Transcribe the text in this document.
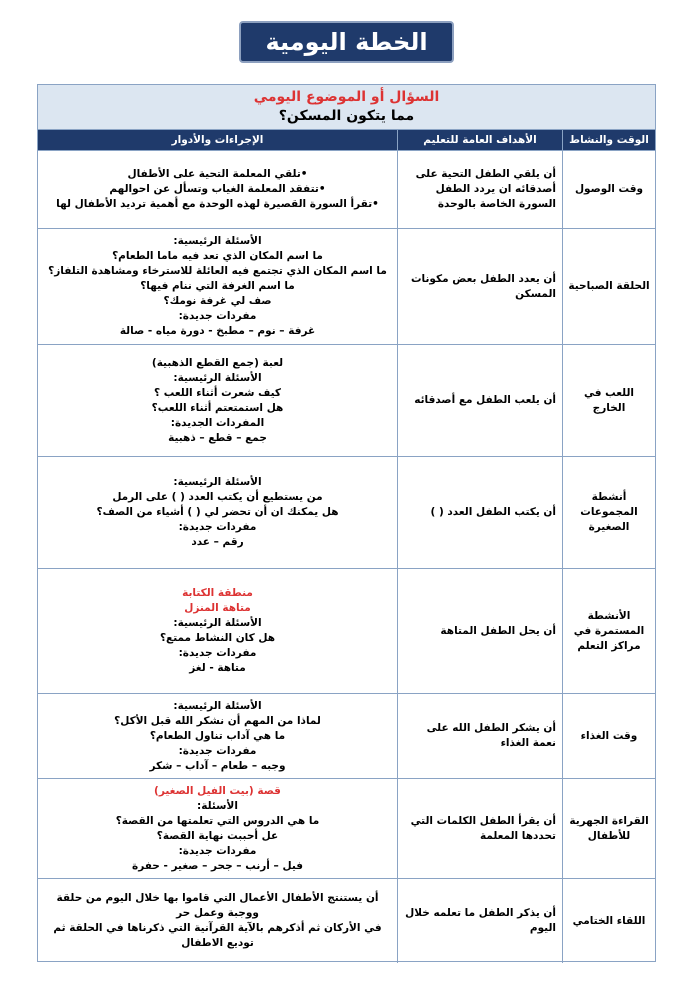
الخطة اليومية
السؤال أو الموضوع اليومي
مما يتكون المسكن؟
الوقت والنشاط
الأهداف العامة للتعليم
الإجراءات والأدوار
وقت الوصول
أن يلقي الطفل التحية على أصدقائه ان يردد الطفل السورة الخاصة بالوحدة
•تلقي المعلمة التحية على الأطفال
•تتفقد المعلمة الغياب وتسأل عن احوالهم
•تقرأ السورة القصيرة لهذه الوحدة مع أهمية ترديد الأطفال لها
الحلقة الصباحية
أن يعدد الطفل بعض مكونات المسكن
الأسئلة الرئيسية:
ما اسم المكان الذي تعد فيه ماما الطعام؟
ما اسم المكان الذي تجتمع فيه العائلة للاسترخاء ومشاهدة التلفاز؟
ما اسم الغرفة التي ننام فيها؟
صف لي غرفة نومك؟
مفردات جديدة:
غرفة – نوم – مطبخ - دورة مياه - صالة
اللعب في الخارج
أن يلعب الطفل مع أصدقائه
لعبة (جمع القطع الذهبية)
الأسئلة الرئيسية:
كيف شعرت أثناء اللعب ؟
هل استمتعتم أثناء اللعب؟
المفردات الجديدة:
جمع – قطع – ذهبية
أنشطة المجموعات الصغيرة
أن يكتب الطفل العدد ( )
الأسئلة الرئيسية:
من يستطيع أن يكتب العدد ( ) على الرمل
هل يمكنك ان أن تحضر لي ( ) أشياء من الصف؟
مفردات جديدة:
رقم – عدد
الأنشطة المستمرة في مراكز التعلم
أن يحل الطفل المتاهة
منطقة الكتابة
متاهة المنزل
الأسئلة الرئيسية:
هل كان النشاط ممتع؟
مفردات جديدة:
متاهة - لغز
وقت الغذاء
أن يشكر الطفل الله على نعمة الغذاء
الأسئلة الرئيسية:
لماذا من المهم أن نشكر الله قبل الأكل؟
ما هي آداب تناول الطعام؟
مفردات جديدة:
وجبه – طعام – آداب – شكر
القراءة الجهرية للأطفال
أن يقرأ الطفل الكلمات التي تحددها المعلمة
قصة (بيت الفيل الصغير)
الأسئلة:
ما هي الدروس التي تعلمتها من القصة؟
عل أحببت نهاية القصة؟
مفردات جديدة:
فيل – أرنب – جحر – صغير - حفرة
اللقاء الختامي
أن يذكر الطفل ما تعلمه خلال اليوم
أن يستنتج الأطفال الأعمال التي قاموا بها خلال اليوم من حلقة ووجبة وعمل حر
في الأركان ثم أذكرهم بالآية القرآنية التي ذكرناها في الحلقة ثم توديع الاطفال
